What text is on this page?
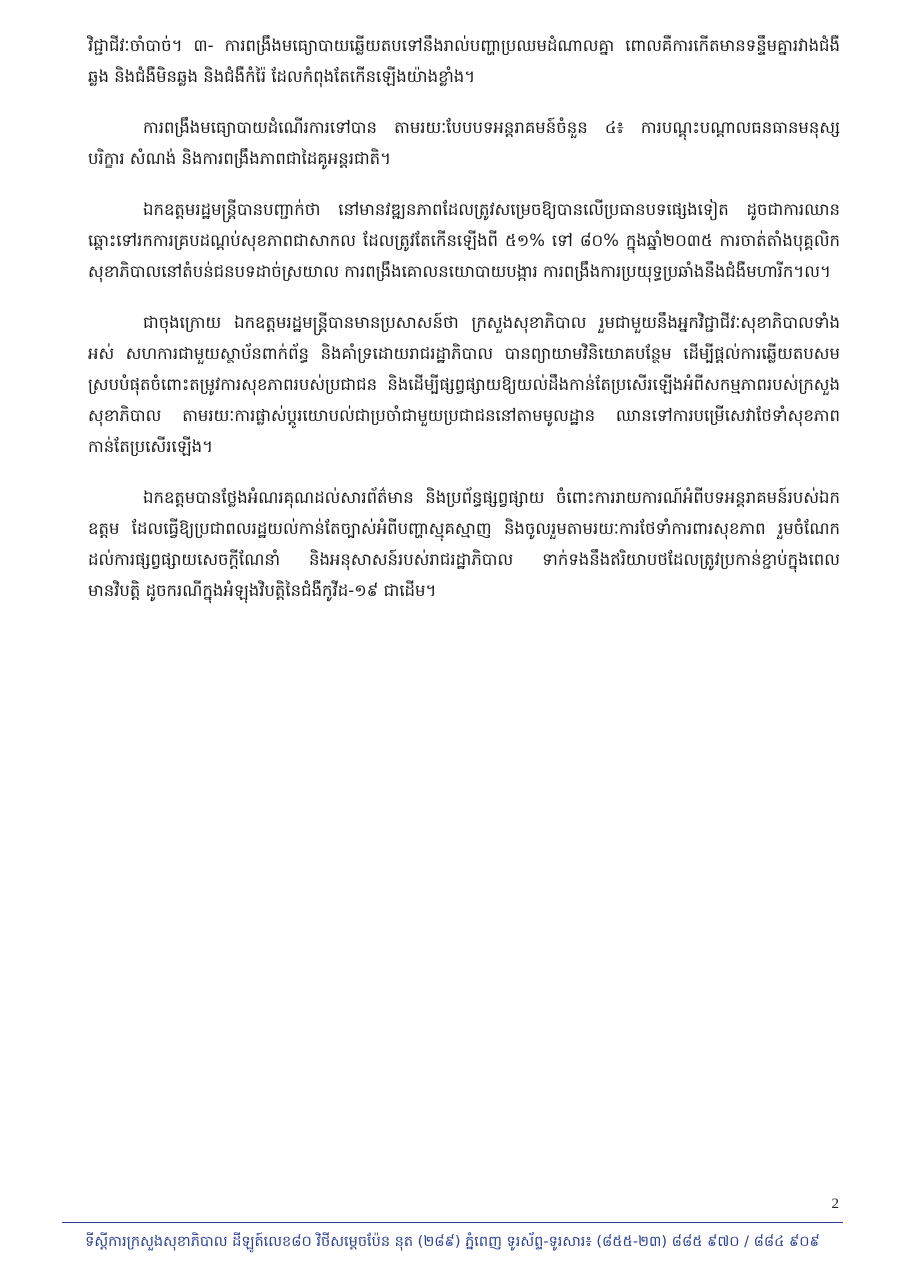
វិជ្ជាជីវៈចាំបាច់។ ៣- ការពង្រឹងមធ្យោបាយឆ្លើយតបទៅនឹងរាល់បញ្ហាប្រឈមដំណាលគ្នា ពោលគឺការកើតមានទន្ទឹមគ្នារវាងជំងឺឆ្លង និងជំងឺមិនឆ្លង និងជំងឺកំរ៉ៃ ដែលកំពុងតែកើនឡើងយ៉ាងខ្លាំង។

ការពង្រឹងមធ្យោបាយដំណើរការទៅបាន តាមរយៈបែបបទអន្តរាគមន៍ចំនួន ៤៖ ការបណ្តុះបណ្តាលធនធានមនុស្ស បរិក្ខារ សំណង់ និងការពង្រឹងភាពជាដៃគូអន្តរជាតិ។

ឯកឧត្តមរដ្ឋមន្ត្រីបានបញ្ជាក់ថា នៅមានវឌ្ឍនភាពដែលត្រូវសម្រេចឱ្យបានលើប្រធានបទផ្សេងទៀត ដូចជាការឈានឆ្ពោះទៅរកការគ្របដណ្តប់សុខភាពជាសាកល ដែលត្រូវតែកើនឡើងពី ៥១% ទៅ ៨០% ក្នុងឆ្នាំ២០៣៥ ការចាត់តាំងបុគ្គលិកសុខាភិបាលនៅតំបន់ជនបទដាច់ស្រយាល ការពង្រឹងគោលនយោបាយបង្ការ ការពង្រឹងការប្រយុទ្ធប្រឆាំងនឹងជំងឺមហារីក។ល។

ជាចុងក្រោយ ឯកឧត្តមរដ្ឋមន្ត្រីបានមានប្រសាសន៍ថា ក្រសួងសុខាភិបាល រួមជាមួយនឹងអ្នកវិជ្ជាជីវៈសុខាភិបាលទាំងអស់ សហការជាមួយស្ថាប័នពាក់ព័ន្ធ និងគាំទ្រដោយរាជរដ្ឋាភិបាល បានព្យាយាមវិនិយោគបន្ថែម ដើម្បីផ្តល់ការឆ្លើយតបសមស្របបំផុតចំពោះតម្រូវការសុខភាពរបស់ប្រជាជន និងដើម្បីផ្សព្វផ្សាយឱ្យយល់ដឹងកាន់តែប្រសើរឡើងអំពីសកម្មភាពរបស់ក្រសួងសុខាភិបាល តាមរយៈការផ្លាស់ប្តូរយោបល់ជាប្រចាំជាមួយប្រជាជននៅតាមមូលដ្ឋាន ឈានទៅការបម្រើសេវាថែទាំសុខភាពកាន់តែប្រសើរឡើង។

ឯកឧត្តមបានថ្លែងអំណរគុណដល់សារព័ត៌មាន និងប្រព័ន្ធផ្សព្វផ្សាយ ចំពោះការរាយការណ៍អំពីបទអន្តរាគមន៍របស់ឯកឧត្តម ដែលធ្វើឱ្យប្រជាពលរដ្ឋយល់កាន់តែច្បាស់អំពីបញ្ហាស្មុគស្មាញ និងចូលរួមតាមរយៈការថែទាំការពារសុខភាព រួមចំណែកដល់ការផ្សព្វផ្សាយសេចក្តីណែនាំ និងអនុសាសន៍របស់រាជរដ្ឋាភិបាល ទាក់ទងនឹងឥរិយាបថដែលត្រូវប្រកាន់ខ្ជាប់ក្នុងពេលមានវិបត្តិ ដូចករណីក្នុងអំឡុងវិបត្តិនៃជំងឺកូវីដ-១៩ ជាដើម។

2
ទីស្តីការក្រសួងសុខាភិបាល ដីឡូត៍លេខ៨០ វិថីសម្តេចប៉ែន នុត (២៨៩) ភ្នំពេញ ទូរស័ព្ទ-ទូរសារ៖ (៨៥៥-២៣) ៨៨៥ ៩៧០ / ៨៨៤ ៩០៩
